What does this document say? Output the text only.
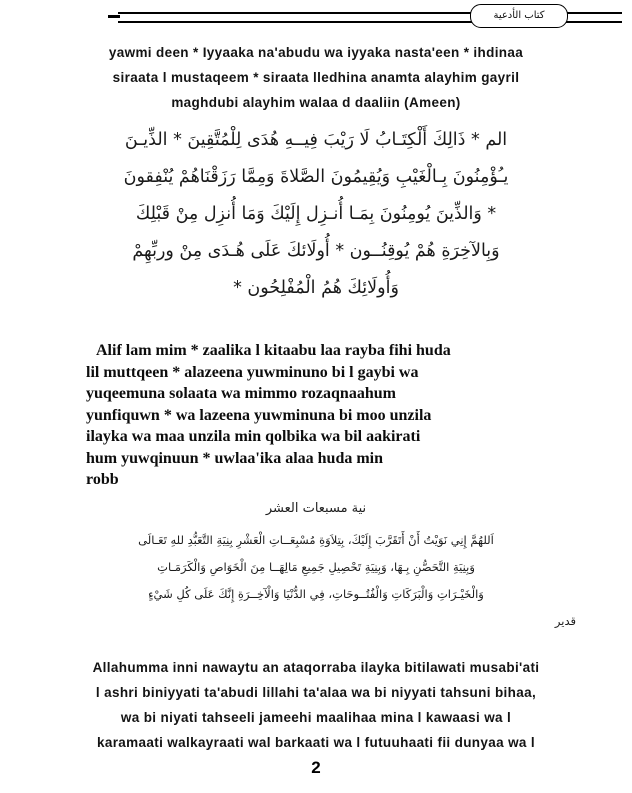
كتاب الأدعية
yawmi deen * Iyyaaka na'abudu wa iyyaka nasta'een * ihdinaa
siraata l mustaqeem * siraata lledhina anamta alayhim gayril
maghdubi alayhim walaa d daaliin (Ameen)
الم * ذَالِكَ أَلْكِتَـابُ لَا رَيْبَ فِيــهِ هُدَى لِلْمُتَّقِينَ * الذِّيـنَ
يـُؤْمِنُونَ بِـالْغَيْبِ وَيُقِيمُونَ الصَّلاةَ وَمِمَّا رَزَقْنَاهُمْ يُنْفِقونَ
* وَالذِّينَ يُومِنُونَ بِمَـا أُنـزِل إِلَيْكَ وَمَا أُنزِل مِنْ قَبْلِكَ
وَبِالآخِرَةِ هُمْ يُوقِنُــون * أُولَائكَ عَلَى هُـدَى مِنْ وربِّهِمْ
وَأُولَائِكَ هُمُ الْمُفْلِحُون *
Alif lam mim * zaalika l kitaabu laa rayba fihi huda
lil muttqeen * alazeena yuwminuno bi l gaybi wa
yuqeemuna solaata wa mimmo rozaqnaahum
yunfiquwn * wa lazeena yuwminuna bi moo unzila
ilayka wa maa unzila min qolbika wa bil aakirati
hum yuwqinuun * uwlaa'ika alaa huda min
robb
نية مسبعات العشر
اَللهُمَّ إِنِي نَوَيْتُ أَنْ أَتَقَرَّبَ إِلَيْكَ، بِتِلاَوَةِ مُسْبِعَــاتِ الْعَشْرِ بِنِيَةِ التَّعَبُّدِ للهِ تَعَـالَى
وَبِنِيَةِ التَّحَصُّنِ بِـهَا، وَبِنِيَةِ تَحْصِيلِ جَمِيعِ مَالِهَــا مِنَ الْخَوَاصِ وَالْكَرَمَـاتِ
وَالْخَيْـرَاتِ وَالْبَرَكَاتِ وَالْفُتُــوحَاتِ، فِي الدُّنْيَا وَالْآخِــرَةِ إِنَّكَ عَلَى كُلِ شَيْءٍ
قدير
Allahumma inni nawaytu an ataqorraba ilayka bitilawati musabi'ati
l ashri biniyyati ta'abudi lillahi ta'alaa wa bi niyyati tahsuni bihaa,
wa bi niyati tahseeli jameehi maalihaa mina l kawaasi wa l
karamaati walkayraati wal barkaati wa l futuuhaati fii dunyaa wa l
2
